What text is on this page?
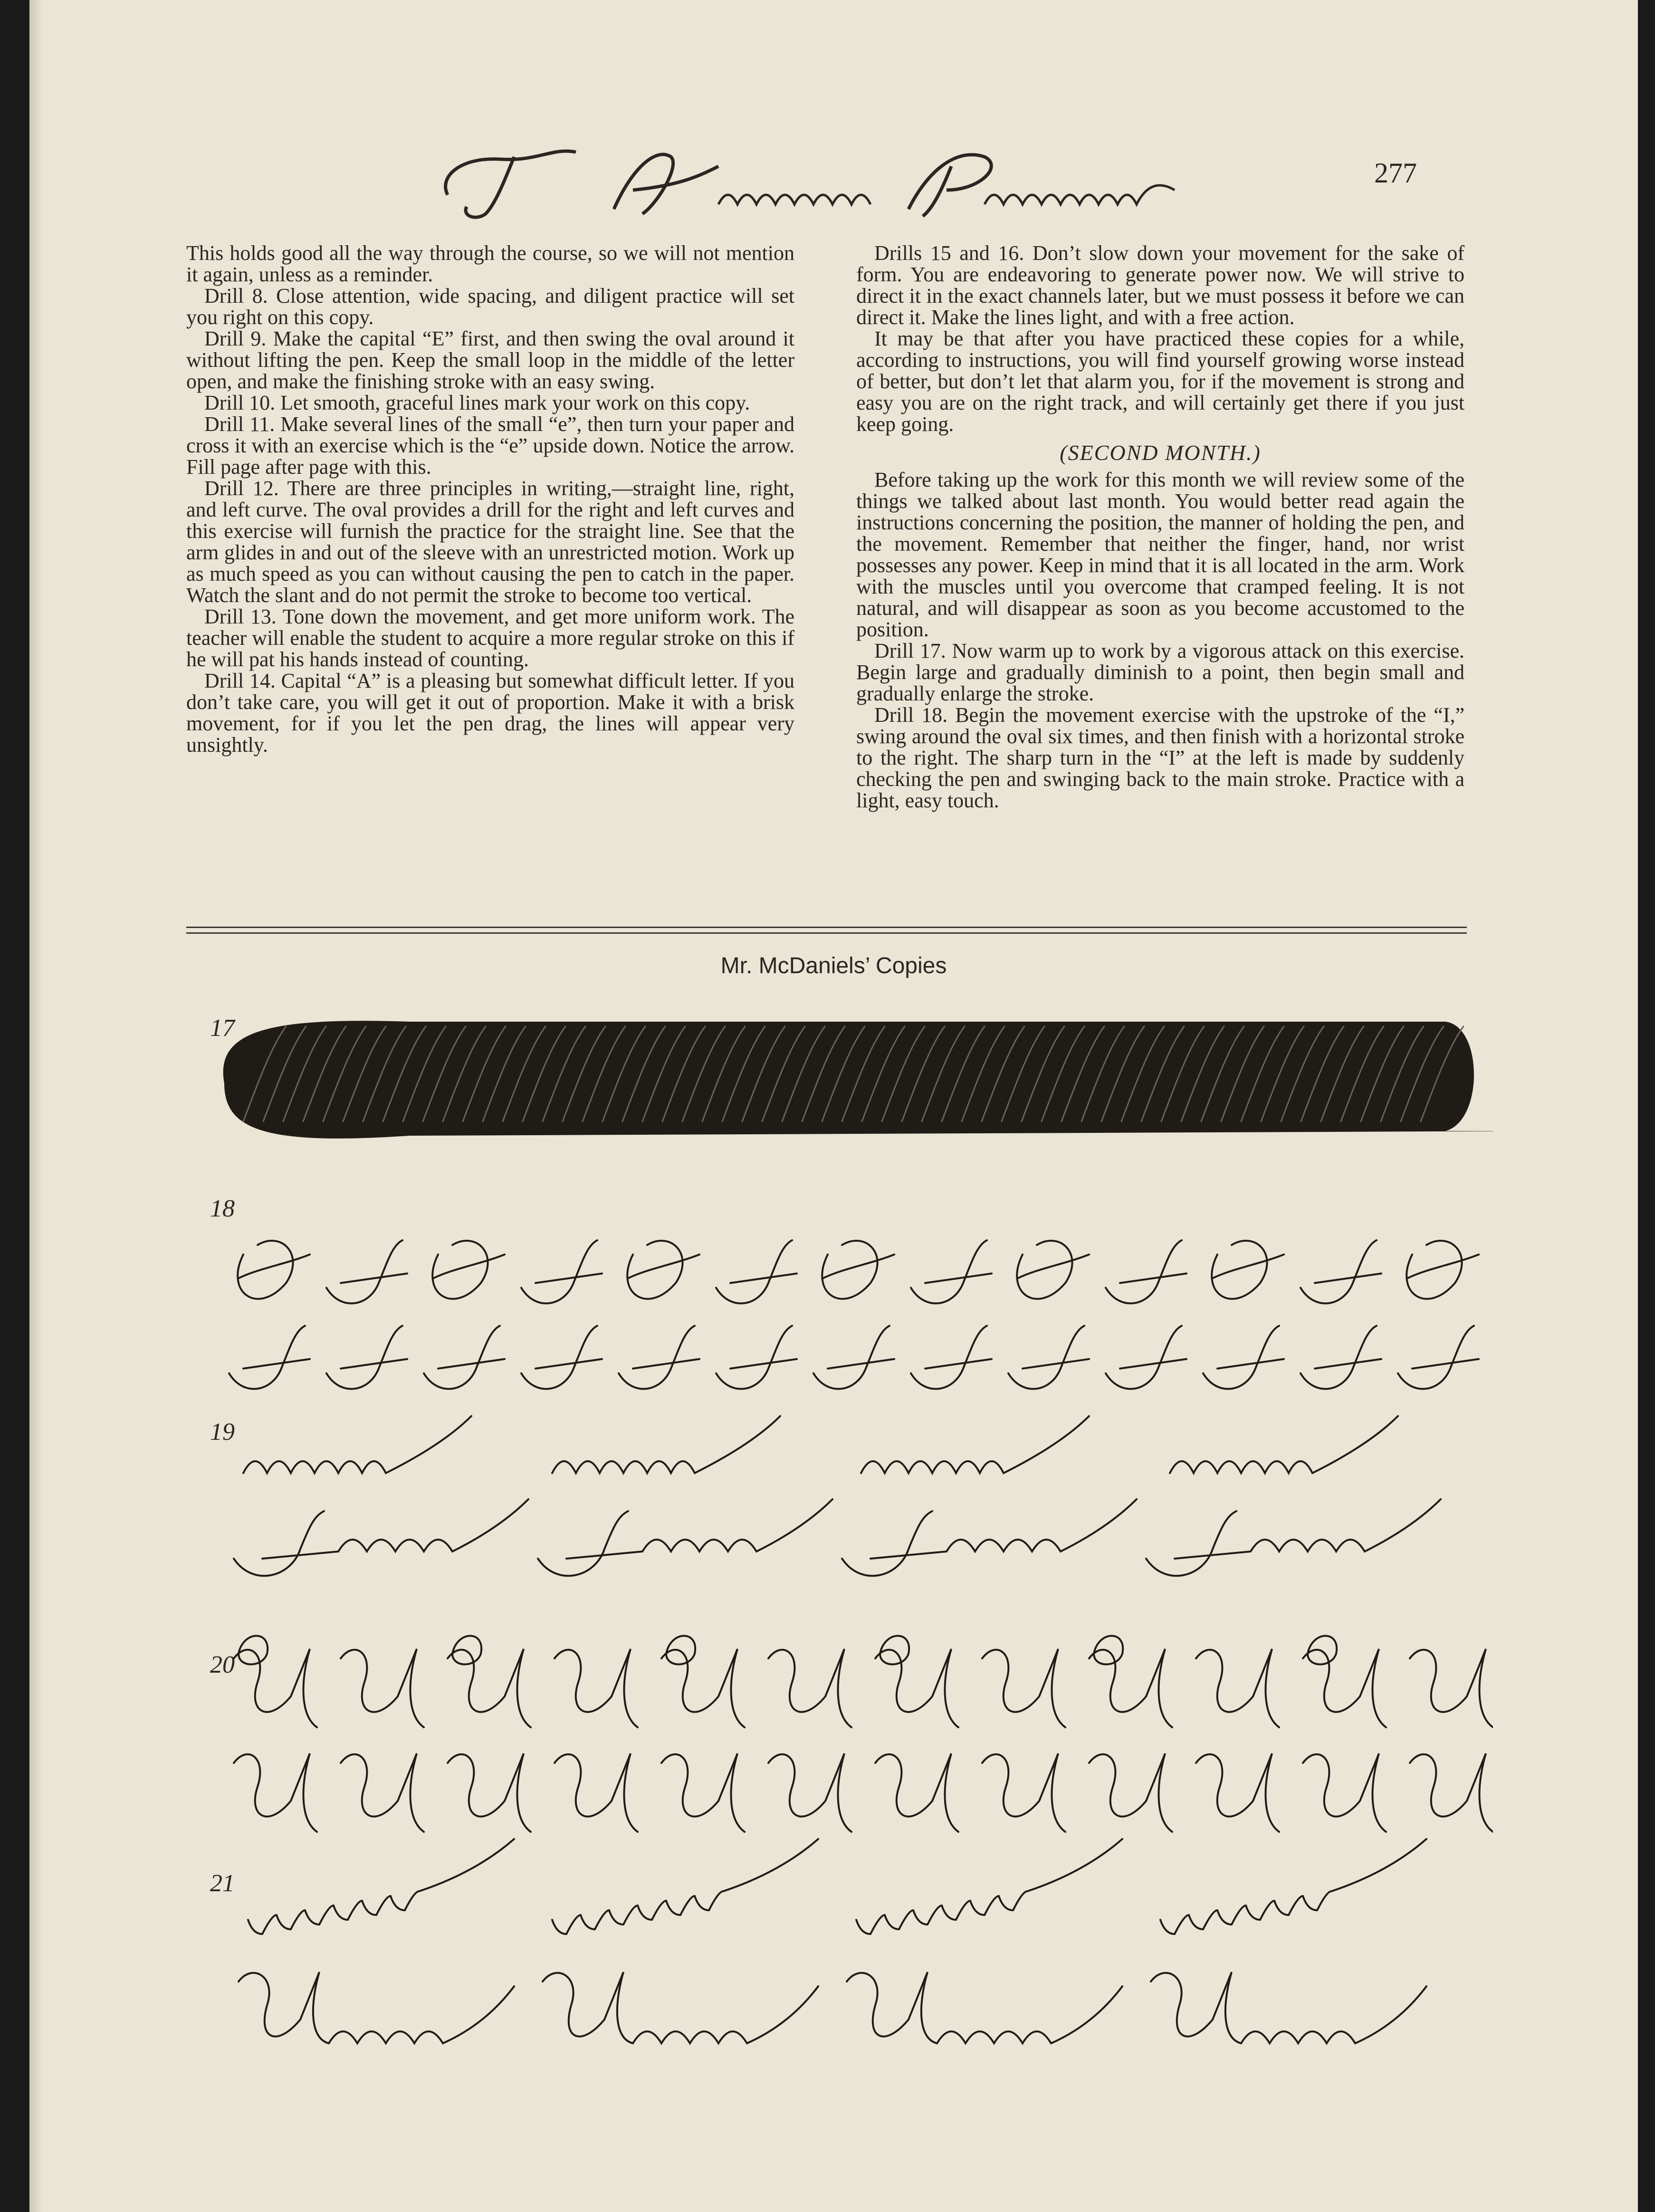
The American Penman
277

This holds good all the way through the course, so we will not mention it again, unless as a reminder.

Drill 8. Close attention, wide spacing, and diligent practice will set you right on this copy.

Drill 9. Make the capital “E” first, and then swing the oval around it without lifting the pen. Keep the small loop in the middle of the letter open, and make the finishing stroke with an easy swing.

Drill 10. Let smooth, graceful lines mark your work on this copy.

Drill 11. Make several lines of the small “e”, then turn your paper and cross it with an exercise which is the “e” upside down. Notice the arrow. Fill page after page with this.

Drill 12. There are three principles in writing,—straight line, right, and left curve. The oval provides a drill for the right and left curves and this exercise will furnish the practice for the straight line. See that the arm glides in and out of the sleeve with an unrestricted motion. Work up as much speed as you can without causing the pen to catch in the paper. Watch the slant and do not permit the stroke to become too vertical.

Drill 13. Tone down the movement, and get more uniform work. The teacher will enable the student to acquire a more regular stroke on this if he will pat his hands instead of counting.

Drill 14. Capital “A” is a pleasing but somewhat difficult letter. If you don’t take care, you will get it out of proportion. Make it with a brisk movement, for if you let the pen drag, the lines will appear very unsightly.

Drills 15 and 16. Don’t slow down your movement for the sake of form. You are endeavoring to generate power now. We will strive to direct it in the exact channels later, but we must possess it before we can direct it. Make the lines light, and with a free action.

It may be that after you have practiced these copies for a while, according to instructions, you will find yourself growing worse instead of better, but don’t let that alarm you, for if the movement is strong and easy you are on the right track, and will certainly get there if you just keep going.

(SECOND MONTH.)

Before taking up the work for this month we will review some of the things we talked about last month. You would better read again the instructions concerning the position, the manner of holding the pen, and the movement. Remember that neither the finger, hand, nor wrist possesses any power. Keep in mind that it is all located in the arm. Work with the muscles until you overcome that cramped feeling. It is not natural, and will disappear as soon as you become accustomed to the position.

Drill 17. Now warm up to work by a vigorous attack on this exercise. Begin large and gradually diminish to a point, then begin small and gradually enlarge the stroke.

Drill 18. Begin the movement exercise with the upstroke of the “I,” swing around the oval six times, and then finish with a horizontal stroke to the right. The sharp turn in the “I” at the left is made by suddenly checking the pen and swinging back to the main stroke. Practice with a light, easy touch.

Mr. McDaniels’ Copies
17
18
19
20
21
